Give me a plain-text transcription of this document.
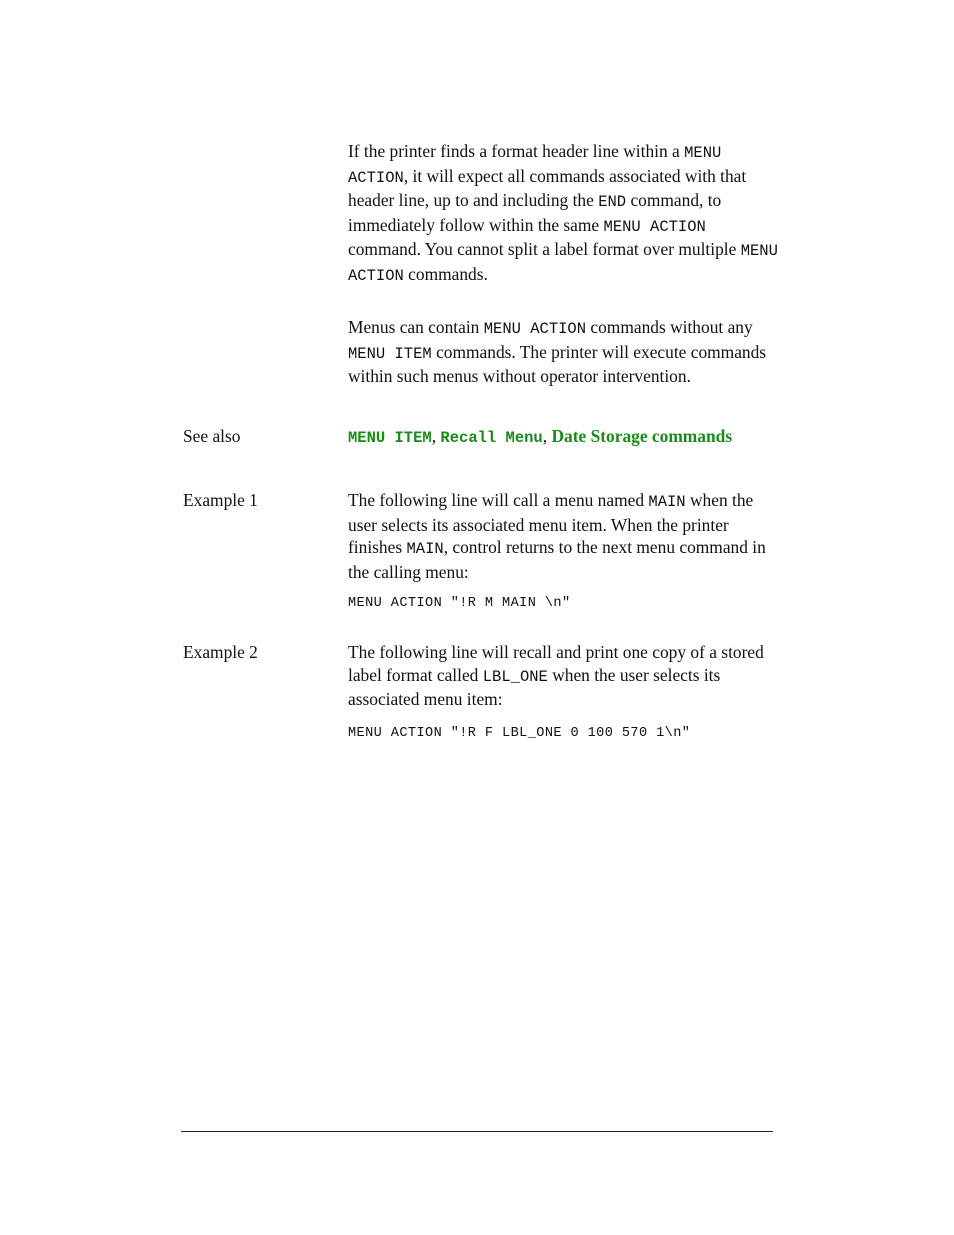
If the printer finds a format header line within a MENU ACTION, it will expect all commands associated with that header line, up to and including the END command, to immediately follow within the same MENU ACTION command. You cannot split a label format over multiple MENU ACTION commands.
Menus can contain MENU ACTION commands without any MENU ITEM commands. The printer will execute commands within such menus without operator intervention.
See also	MENU ITEM, Recall Menu, Date Storage commands
Example 1	The following line will call a menu named MAIN when the user selects its associated menu item. When the printer finishes MAIN, control returns to the next menu command in the calling menu:
MENU ACTION "!R M MAIN \n"
Example 2	The following line will recall and print one copy of a stored label format called LBL_ONE when the user selects its associated menu item:
MENU ACTION "!R F LBL_ONE 0 100 570 1\n"
